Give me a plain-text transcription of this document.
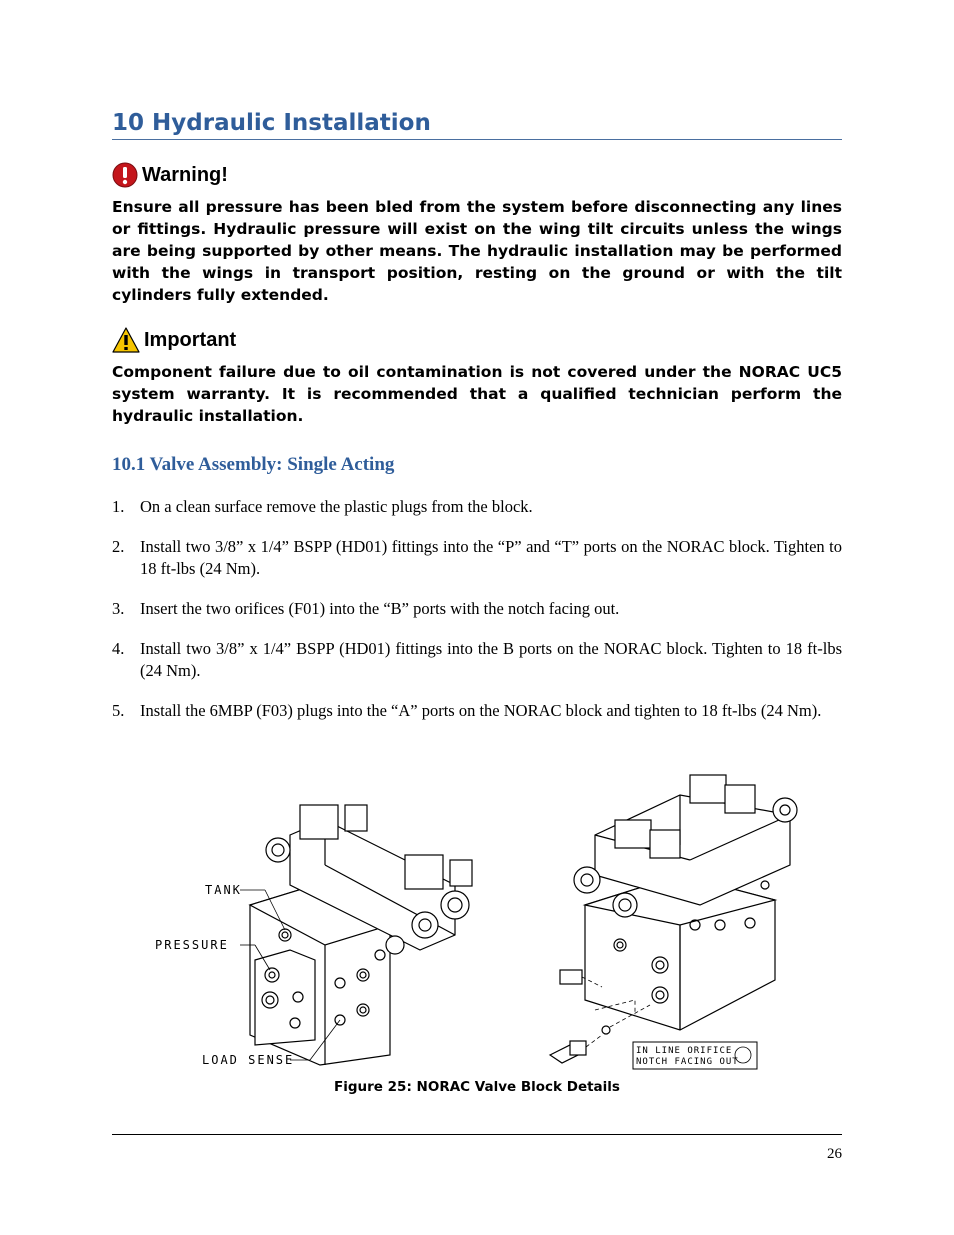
10 Hydraulic Installation
Warning!
Ensure all pressure has been bled from the system before disconnecting any lines or fittings. Hydraulic pressure will exist on the wing tilt circuits unless the wings are being supported by other means. The hydraulic installation may be performed with the wings in transport position, resting on the ground or with the tilt cylinders fully extended.
Important
Component failure due to oil contamination is not covered under the NORAC UC5 system warranty. It is recommended that a qualified technician perform the hydraulic installation.
10.1 Valve Assembly: Single Acting
1. On a clean surface remove the plastic plugs from the block.
2. Install two 3/8” x 1/4” BSPP (HD01) fittings into the “P” and “T” ports on the NORAC block. Tighten to 18 ft-lbs (24 Nm).
3. Insert the two orifices (F01) into the “B” ports with the notch facing out.
4. Install two 3/8” x 1/4” BSPP (HD01) fittings into the B ports on the NORAC block. Tighten to 18 ft-lbs (24 Nm).
5. Install the 6MBP (F03) plugs into the “A” ports on the NORAC block and tighten to 18 ft-lbs (24 Nm).
TANK
PRESSURE
LOAD SENSE
IN LINE ORIFICE
NOTCH FACING OUT
Figure 25: NORAC Valve Block Details
26
